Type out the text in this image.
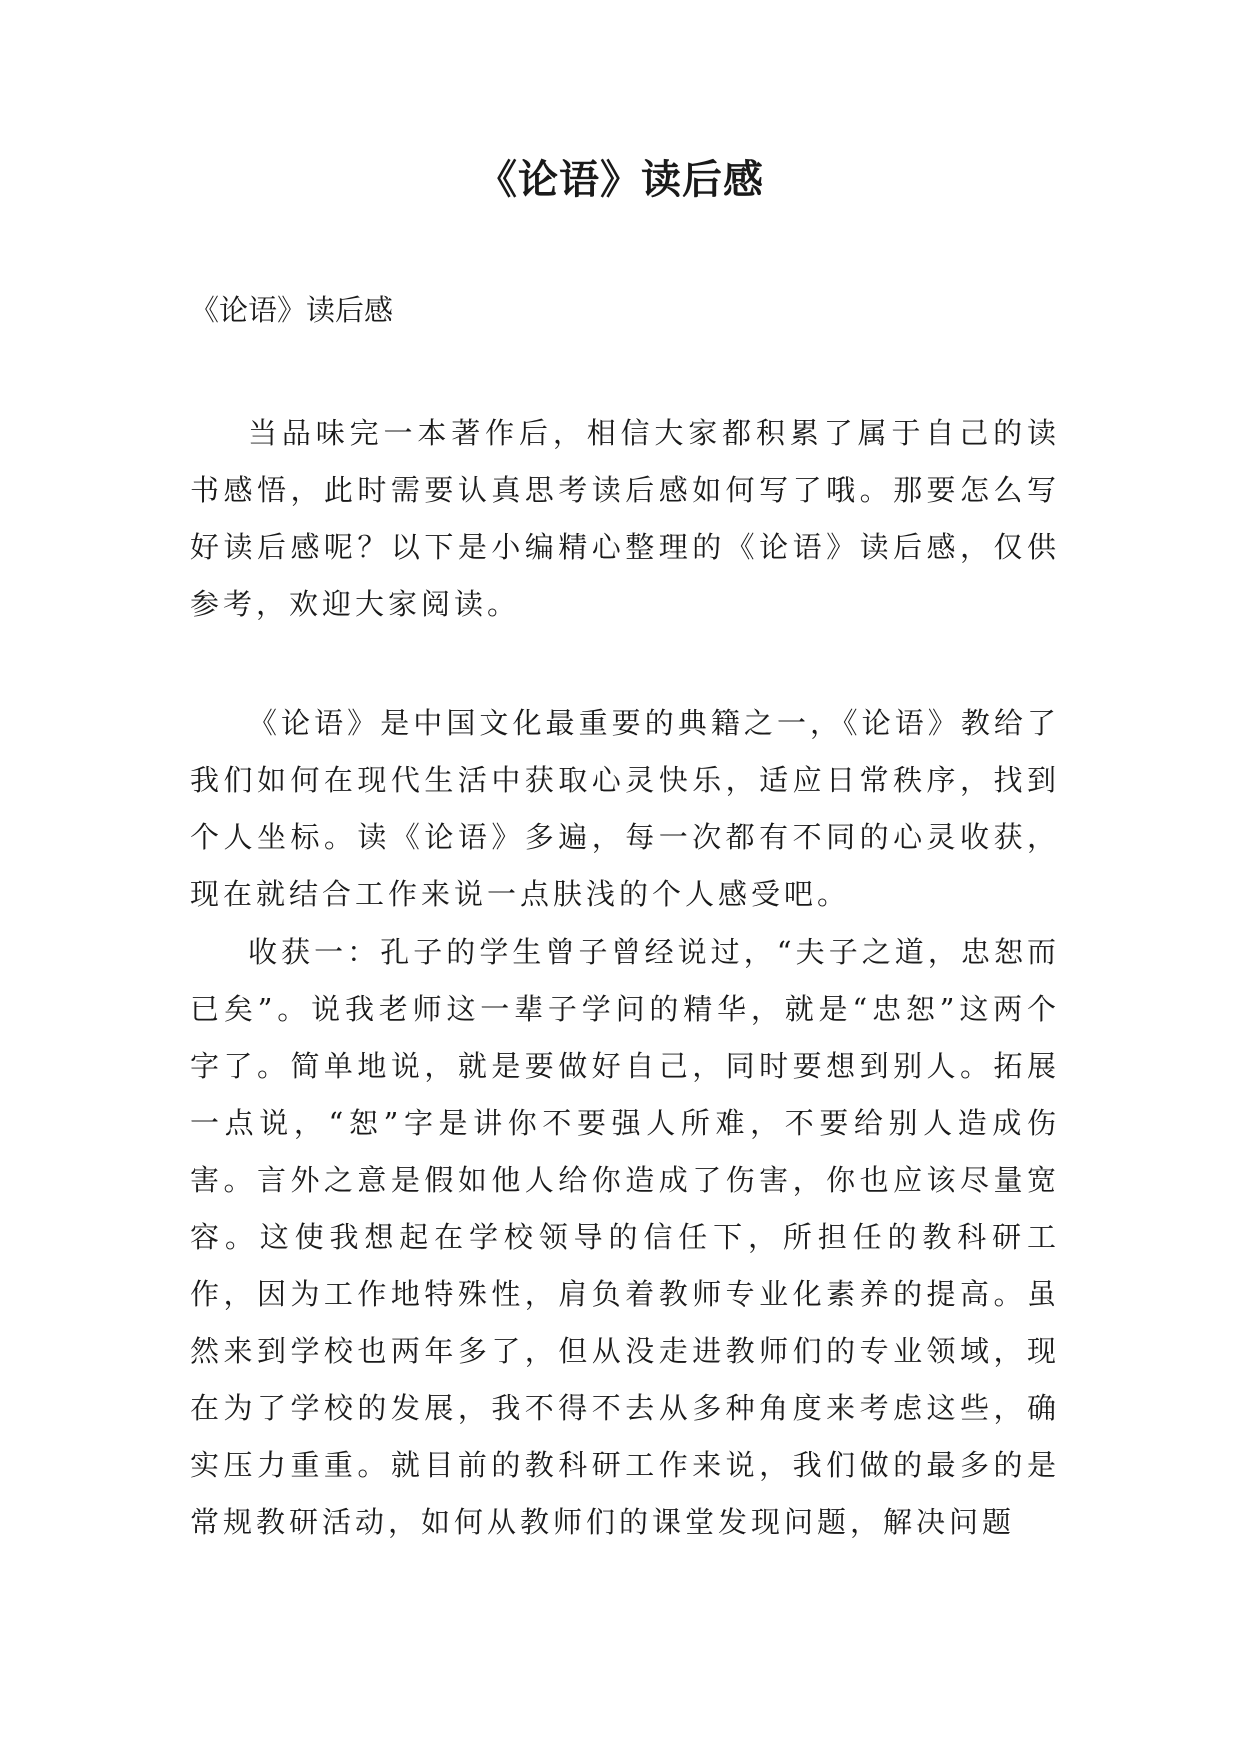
《论语》读后感

《论语》读后感

当品味完一本著作后，相信大家都积累了属于自己的读书感悟，此时需要认真思考读后感如何写了哦。那要怎么写好读后感呢？以下是小编精心整理的《论语》读后感，仅供参考，欢迎大家阅读。

《论语》是中国文化最重要的典籍之一，《论语》教给了我们如何在现代生活中获取心灵快乐，适应日常秩序，找到个人坐标。读《论语》多遍，每一次都有不同的心灵收获，现在就结合工作来说一点肤浅的个人感受吧。

收获一：孔子的学生曾子曾经说过，“夫子之道，忠恕而已矣”。说我老师这一辈子学问的精华，就是“忠恕”这两个字了。简单地说，就是要做好自己，同时要想到别人。拓展一点说，“恕”字是讲你不要强人所难，不要给别人造成伤害。言外之意是假如他人给你造成了伤害，你也应该尽量宽容。这使我想起在学校领导的信任下，所担任的教科研工作，因为工作地特殊性，肩负着教师专业化素养的提高。虽然来到学校也两年多了，但从没走进教师们的专业领域，现在为了学校的发展，我不得不去从多种角度来考虑这些，确实压力重重。就目前的教科研工作来说，我们做的最多的是常规教研活动，如何从教师们的课堂发现问题，解决问题
